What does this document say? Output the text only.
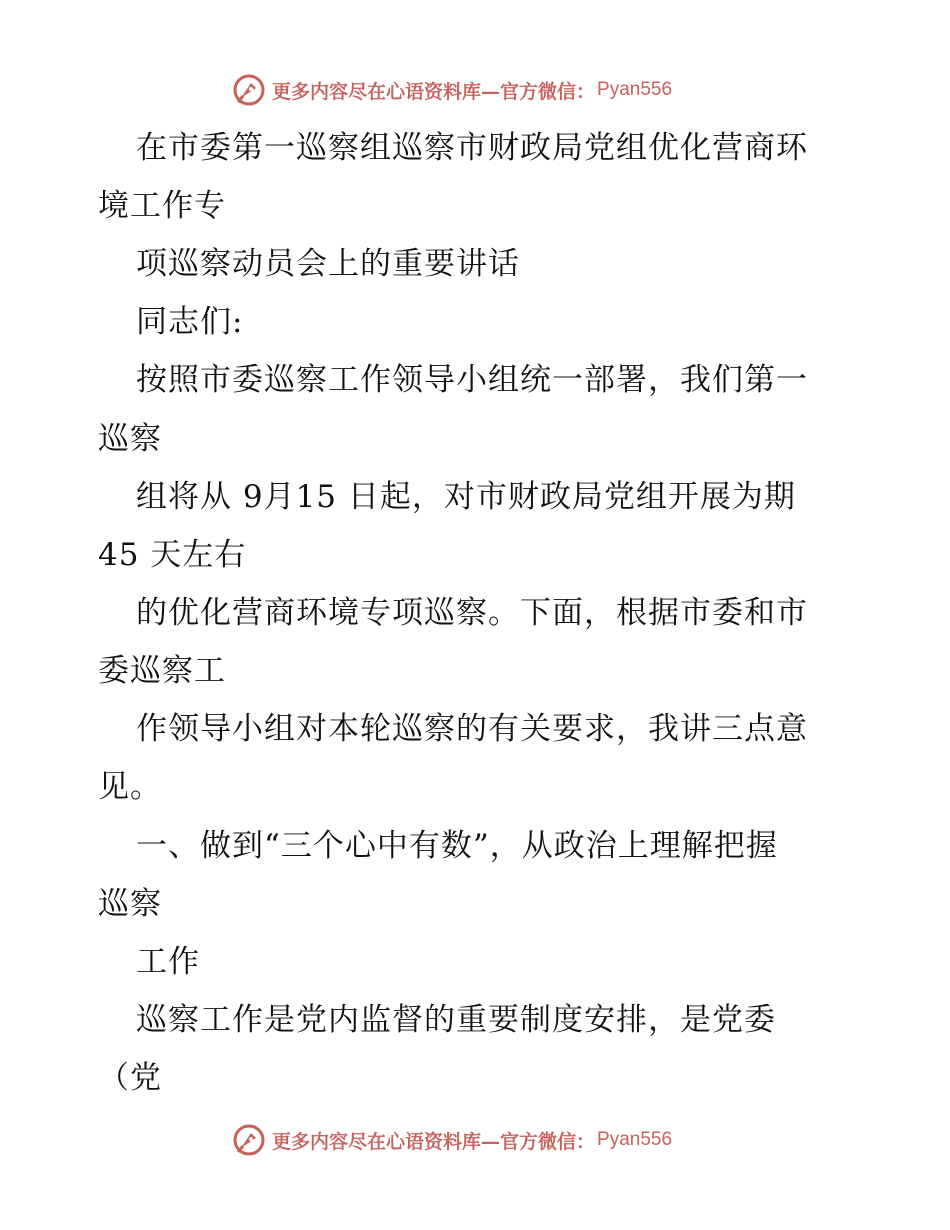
更多内容尽在心语资料库—官方微信： Pyan556
在市委第一巡察组巡察市财政局党组优化营商环
境工作专
项巡察动员会上的重要讲话
同志们:
按照市委巡察工作领导小组统一部署，我们第一
巡察
组将从 9月15 日起，对市财政局党组开展为期
45 天左右
的优化营商环境专项巡察。下面，根据市委和市
委巡察工
作领导小组对本轮巡察的有关要求，我讲三点意
见。
一、做到“三个心中有数”，从政治上理解把握
巡察
工作
巡察工作是党内监督的重要制度安排，是党委
（党
更多内容尽在心语资料库—官方微信： Pyan556
